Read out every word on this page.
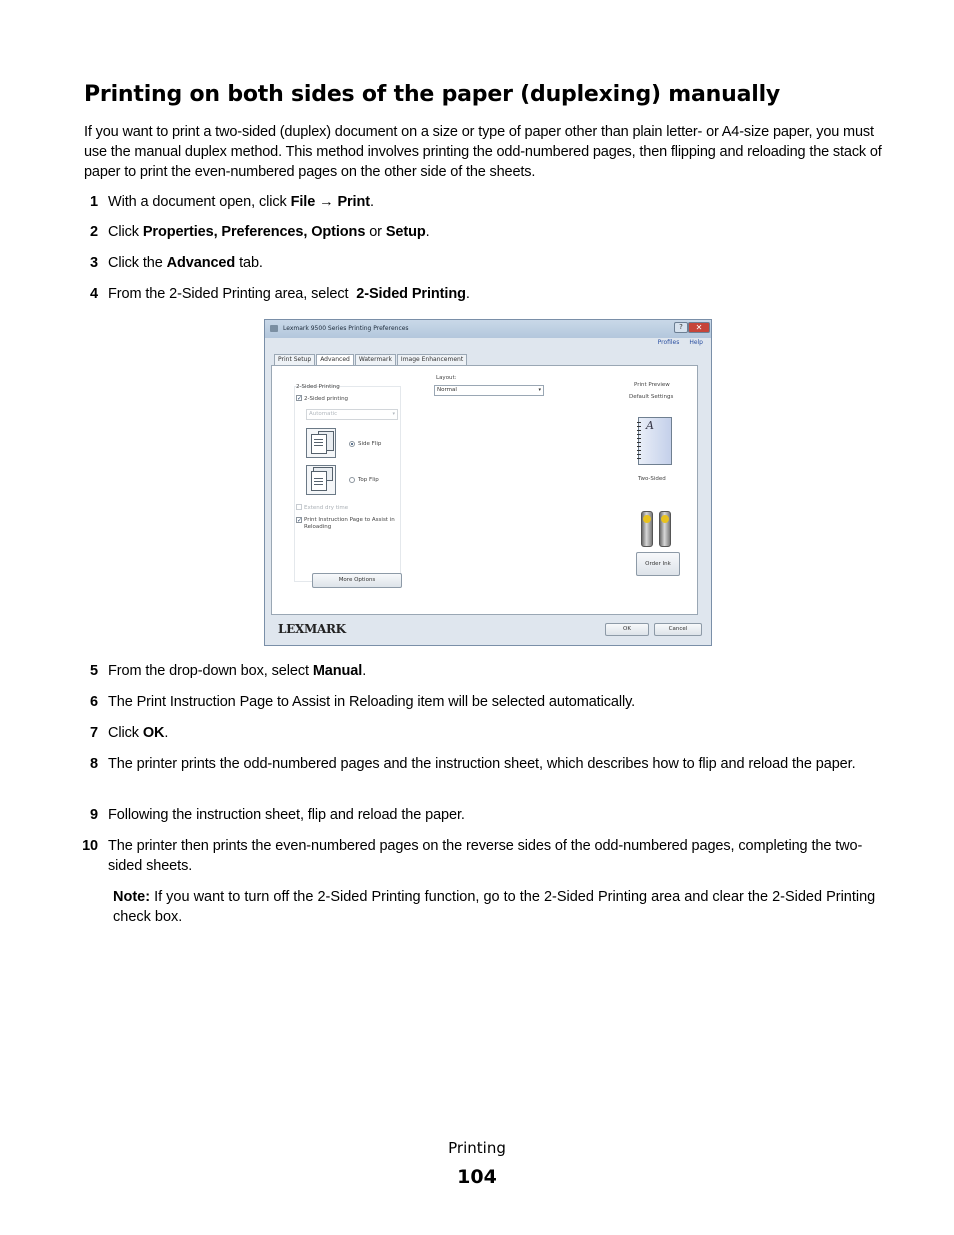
Printing on both sides of the paper (duplexing) manually
If you want to print a two-sided (duplex) document on a size or type of paper other than plain letter- or A4-size paper, you must use the manual duplex method. This method involves printing the odd-numbered pages, then flipping and reloading the stack of paper to print the even-numbered pages on the other side of the sheets.
1 With a document open, click File → Print.
2 Click Properties, Preferences, Options or Setup.
3 Click the Advanced tab.
4 From the 2-Sided Printing area, select  2-Sided Printing.
Lexmark 9500 Series Printing Preferences	?	✕
Profiles Help
Print Setup	Advanced	Watermark	Image Enhancement
2-Sided Printing
✓ 2-Sided printing
Automatic	▾
Side Flip
Top Flip
Extend dry time
✓ Print Instruction Page to Assist in
Reloading
Layout:
Normal	▾
Print Preview
Default Settings
A
Two-Sided
Order Ink
More Options
LEXMARK	OK	Cancel
5 From the drop-down box, select Manual.
6 The Print Instruction Page to Assist in Reloading item will be selected automatically.
7 Click OK.
8 The printer prints the odd-numbered pages and the instruction sheet, which describes how to flip and reload the paper.
9 Following the instruction sheet, flip and reload the paper.
10 The printer then prints the even-numbered pages on the reverse sides of the odd-numbered pages, completing the two-sided sheets.
Note: If you want to turn off the 2-Sided Printing function, go to the 2-Sided Printing area and clear the 2-Sided Printing check box.
Printing
104
